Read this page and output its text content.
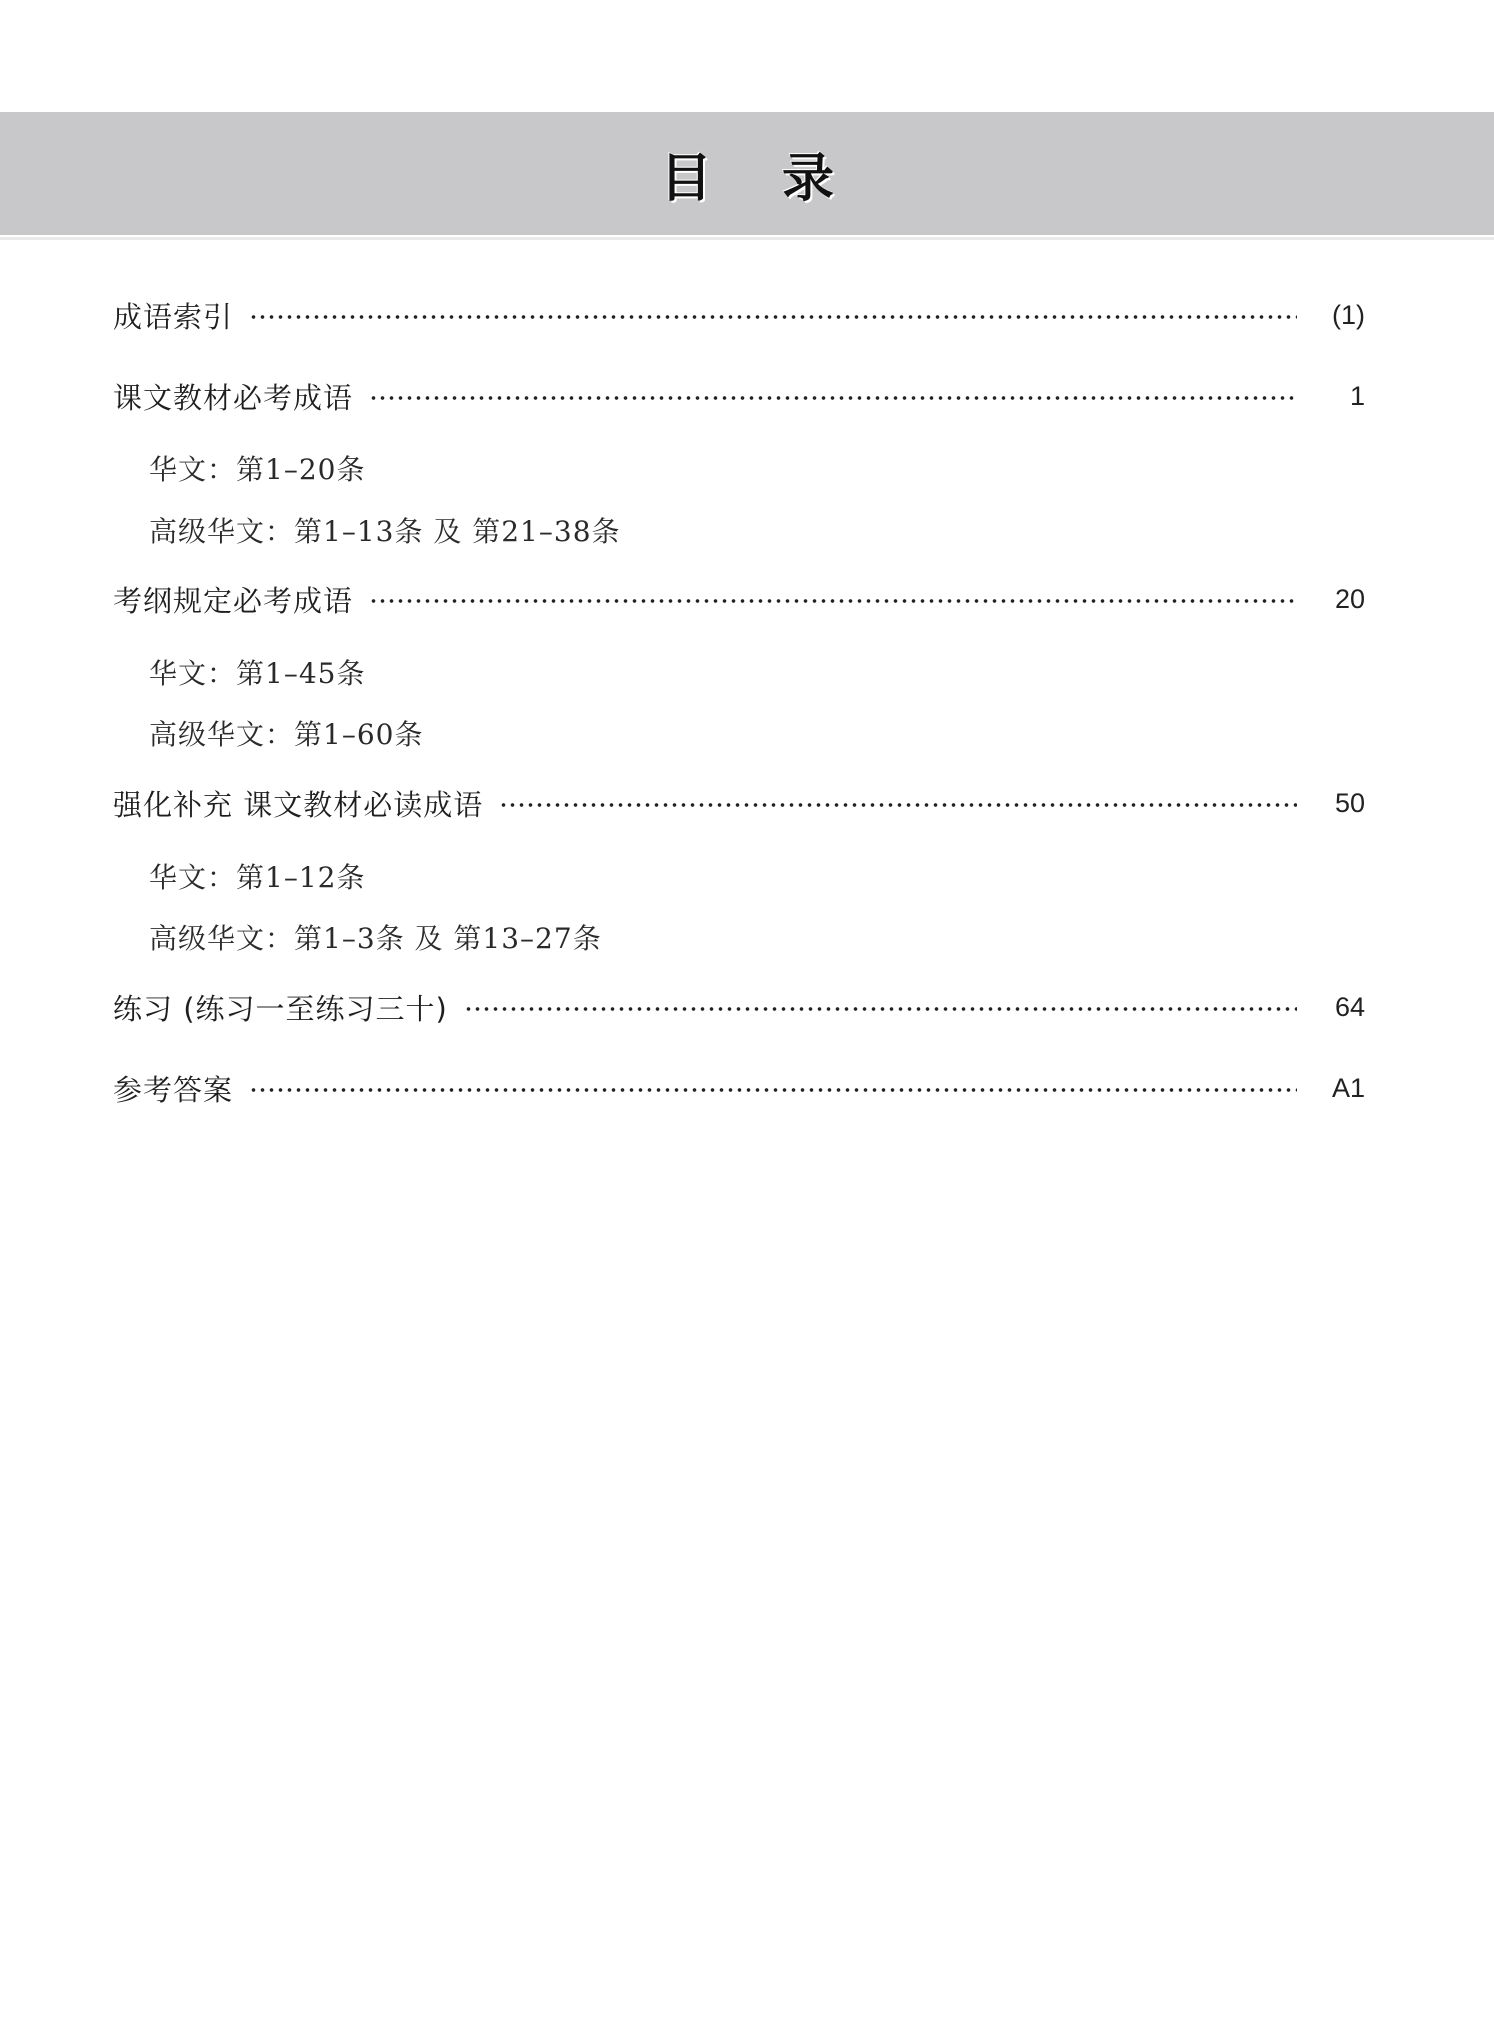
目录
成语索引	(1)
课文教材必考成语	1
华文：第1–20条
高级华文：第1–13条 及 第21–38条
考纲规定必考成语	20
华文：第1–45条
高级华文：第1–60条
强化补充 课文教材必读成语	50
华文：第1–12条
高级华文：第1–3条 及 第13–27条
练习 (练习一至练习三十)	64
参考答案	A1
